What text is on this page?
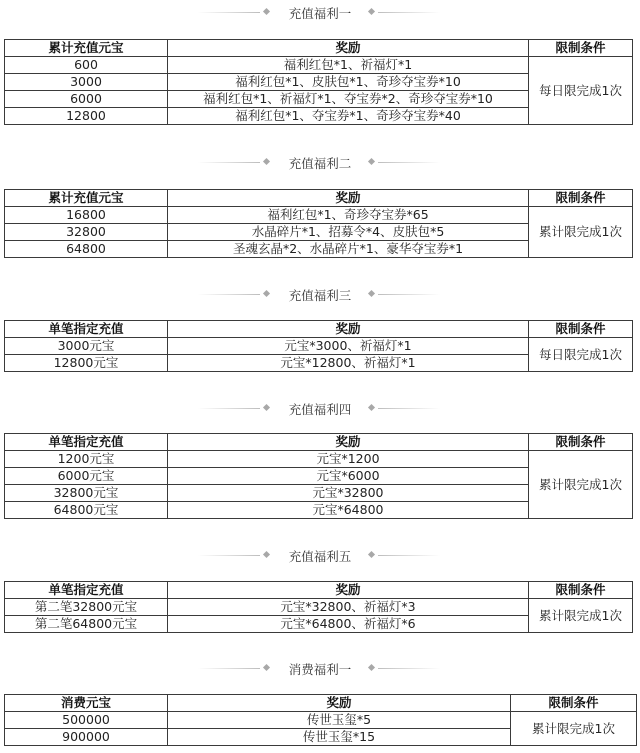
充值福利一
累计充值元宝	奖励	限制条件
600	福利红包*1、祈福灯*1	每日限完成1次
3000	福利红包*1、皮肤包*1、奇珍夺宝券*10	
6000	福利红包*1、祈福灯*1、夺宝券*2、奇珍夺宝券*10	
12800	福利红包*1、夺宝券*1、奇珍夺宝券*40	
充值福利二
累计充值元宝	奖励	限制条件
16800	福利红包*1、奇珍夺宝券*65	累计限完成1次
32800	水晶碎片*1、招募令*4、皮肤包*5	
64800	圣魂玄晶*2、水晶碎片*1、豪华夺宝券*1	
充值福利三
单笔指定充值	奖励	限制条件
3000元宝	元宝*3000、祈福灯*1	每日限完成1次
12800元宝	元宝*12800、祈福灯*1	
充值福利四
单笔指定充值	奖励	限制条件
1200元宝	元宝*1200	累计限完成1次
6000元宝	元宝*6000	
32800元宝	元宝*32800	
64800元宝	元宝*64800	
充值福利五
单笔指定充值	奖励	限制条件
第二笔32800元宝	元宝*32800、祈福灯*3	累计限完成1次
第二笔64800元宝	元宝*64800、祈福灯*6	
消费福利一
消费元宝	奖励	限制条件
500000	传世玉玺*5	累计限完成1次
900000	传世玉玺*15	
